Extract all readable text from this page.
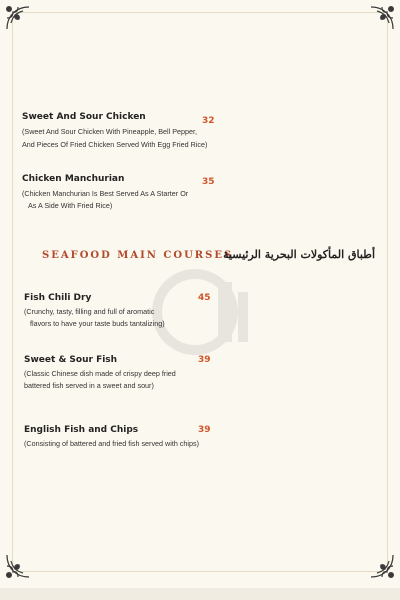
Sweet And Sour Chicken
(Sweet And Sour Chicken With Pineapple, Bell Pepper,
And Pieces Of Fried Chicken Served With Egg Fried Rice)
32
Chicken Manchurian
(Chicken Manchurian Is Best Served As A Starter Or
As A Side With Fried Rice)
35
SEAFOOD MAIN COURSES
أطباق المأكولات البحرية الرئيسية
Fish Chili Dry
(Crunchy, tasty, filling and full of aromatic
flavors to have your taste buds tantalizing)
45
Sweet & Sour Fish
(Classic Chinese dish made of crispy deep fried
battered fish served in a sweet and sour)
39
English Fish and Chips
(Consisting of battered and fried fish served with chips)
39
